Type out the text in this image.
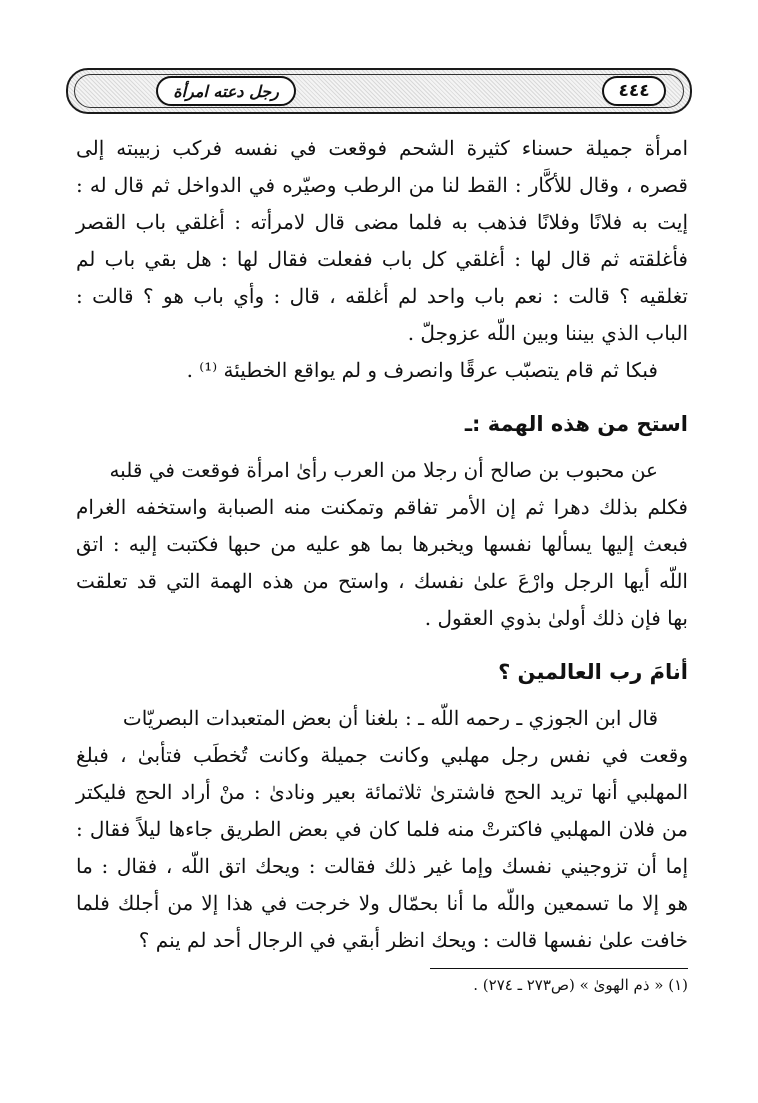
رجل دعته امرأة	٤٤٤
امرأة جميلة حسناء كثيرة الشحم فوقعت في نفسه فركب زبيبته إلى
قصره ، وقال للأكَّار : القط لنا من الرطب وصيّره في الدواخل ثم قال له :
إيت به فلانًا وفلانًا فذهب به فلما مضى قال لامرأته : أغلقي باب القصر
فأغلقته ثم قال لها : أغلقي كل باب ففعلت فقال لها : هل بقي باب لم
تغلقيه ؟ قالت : نعم باب واحد لم أغلقه ، قال : وأي باب هو ؟ قالت :
الباب الذي بيننا وبين اللّه عزوجلّ .
فبكا ثم قام يتصبّب عرقًا وانصرف و لم يواقع الخطيئة ⁽¹⁾ .
استح من هذه الهمة :ـ
عن محبوب بن صالح أن رجلا من العرب رأىٰ امرأة فوقعت في قلبه
فكلم بذلك دهرا ثم إن الأمر تفاقم وتمكنت منه الصبابة واستخفه الغرام
فبعث إليها يسألها نفسها ويخبرها بما هو عليه من حبها فكتبت إليه : اتق
اللّه أيها الرجل وارْعَ علىٰ نفسك ، واستح من هذه الهمة التي قد تعلقت
بها فإن ذلك أولىٰ بذوي العقول .
أنامَ رب العالمين ؟
قال ابن الجوزي ـ رحمه اللّه ـ : بلغنا أن بعض المتعبدات البصريّات
وقعت في نفس رجل مهلبي وكانت جميلة وكانت تُخطَب فتأبىٰ ، فبلغ
المهلبي أنها تريد الحج فاشترىٰ ثلاثمائة بعير ونادىٰ : منْ أراد الحج فليكتر
من فلان المهلبي فاكترتْ منه فلما كان في بعض الطريق جاءها ليلاً فقال :
إما أن تزوجيني نفسك وإما غير ذلك فقالت : ويحك اتق اللّه ، فقال : ما
هو إلا ما تسمعين واللّه ما أنا بحمّال ولا خرجت في هذا إلا من أجلك فلما
خافت علىٰ نفسها قالت : ويحك انظر أبقي في الرجال أحد لم ينم ؟
(١) « ذم الهوىٰ » (ص٢٧٣ ـ ٢٧٤) .
